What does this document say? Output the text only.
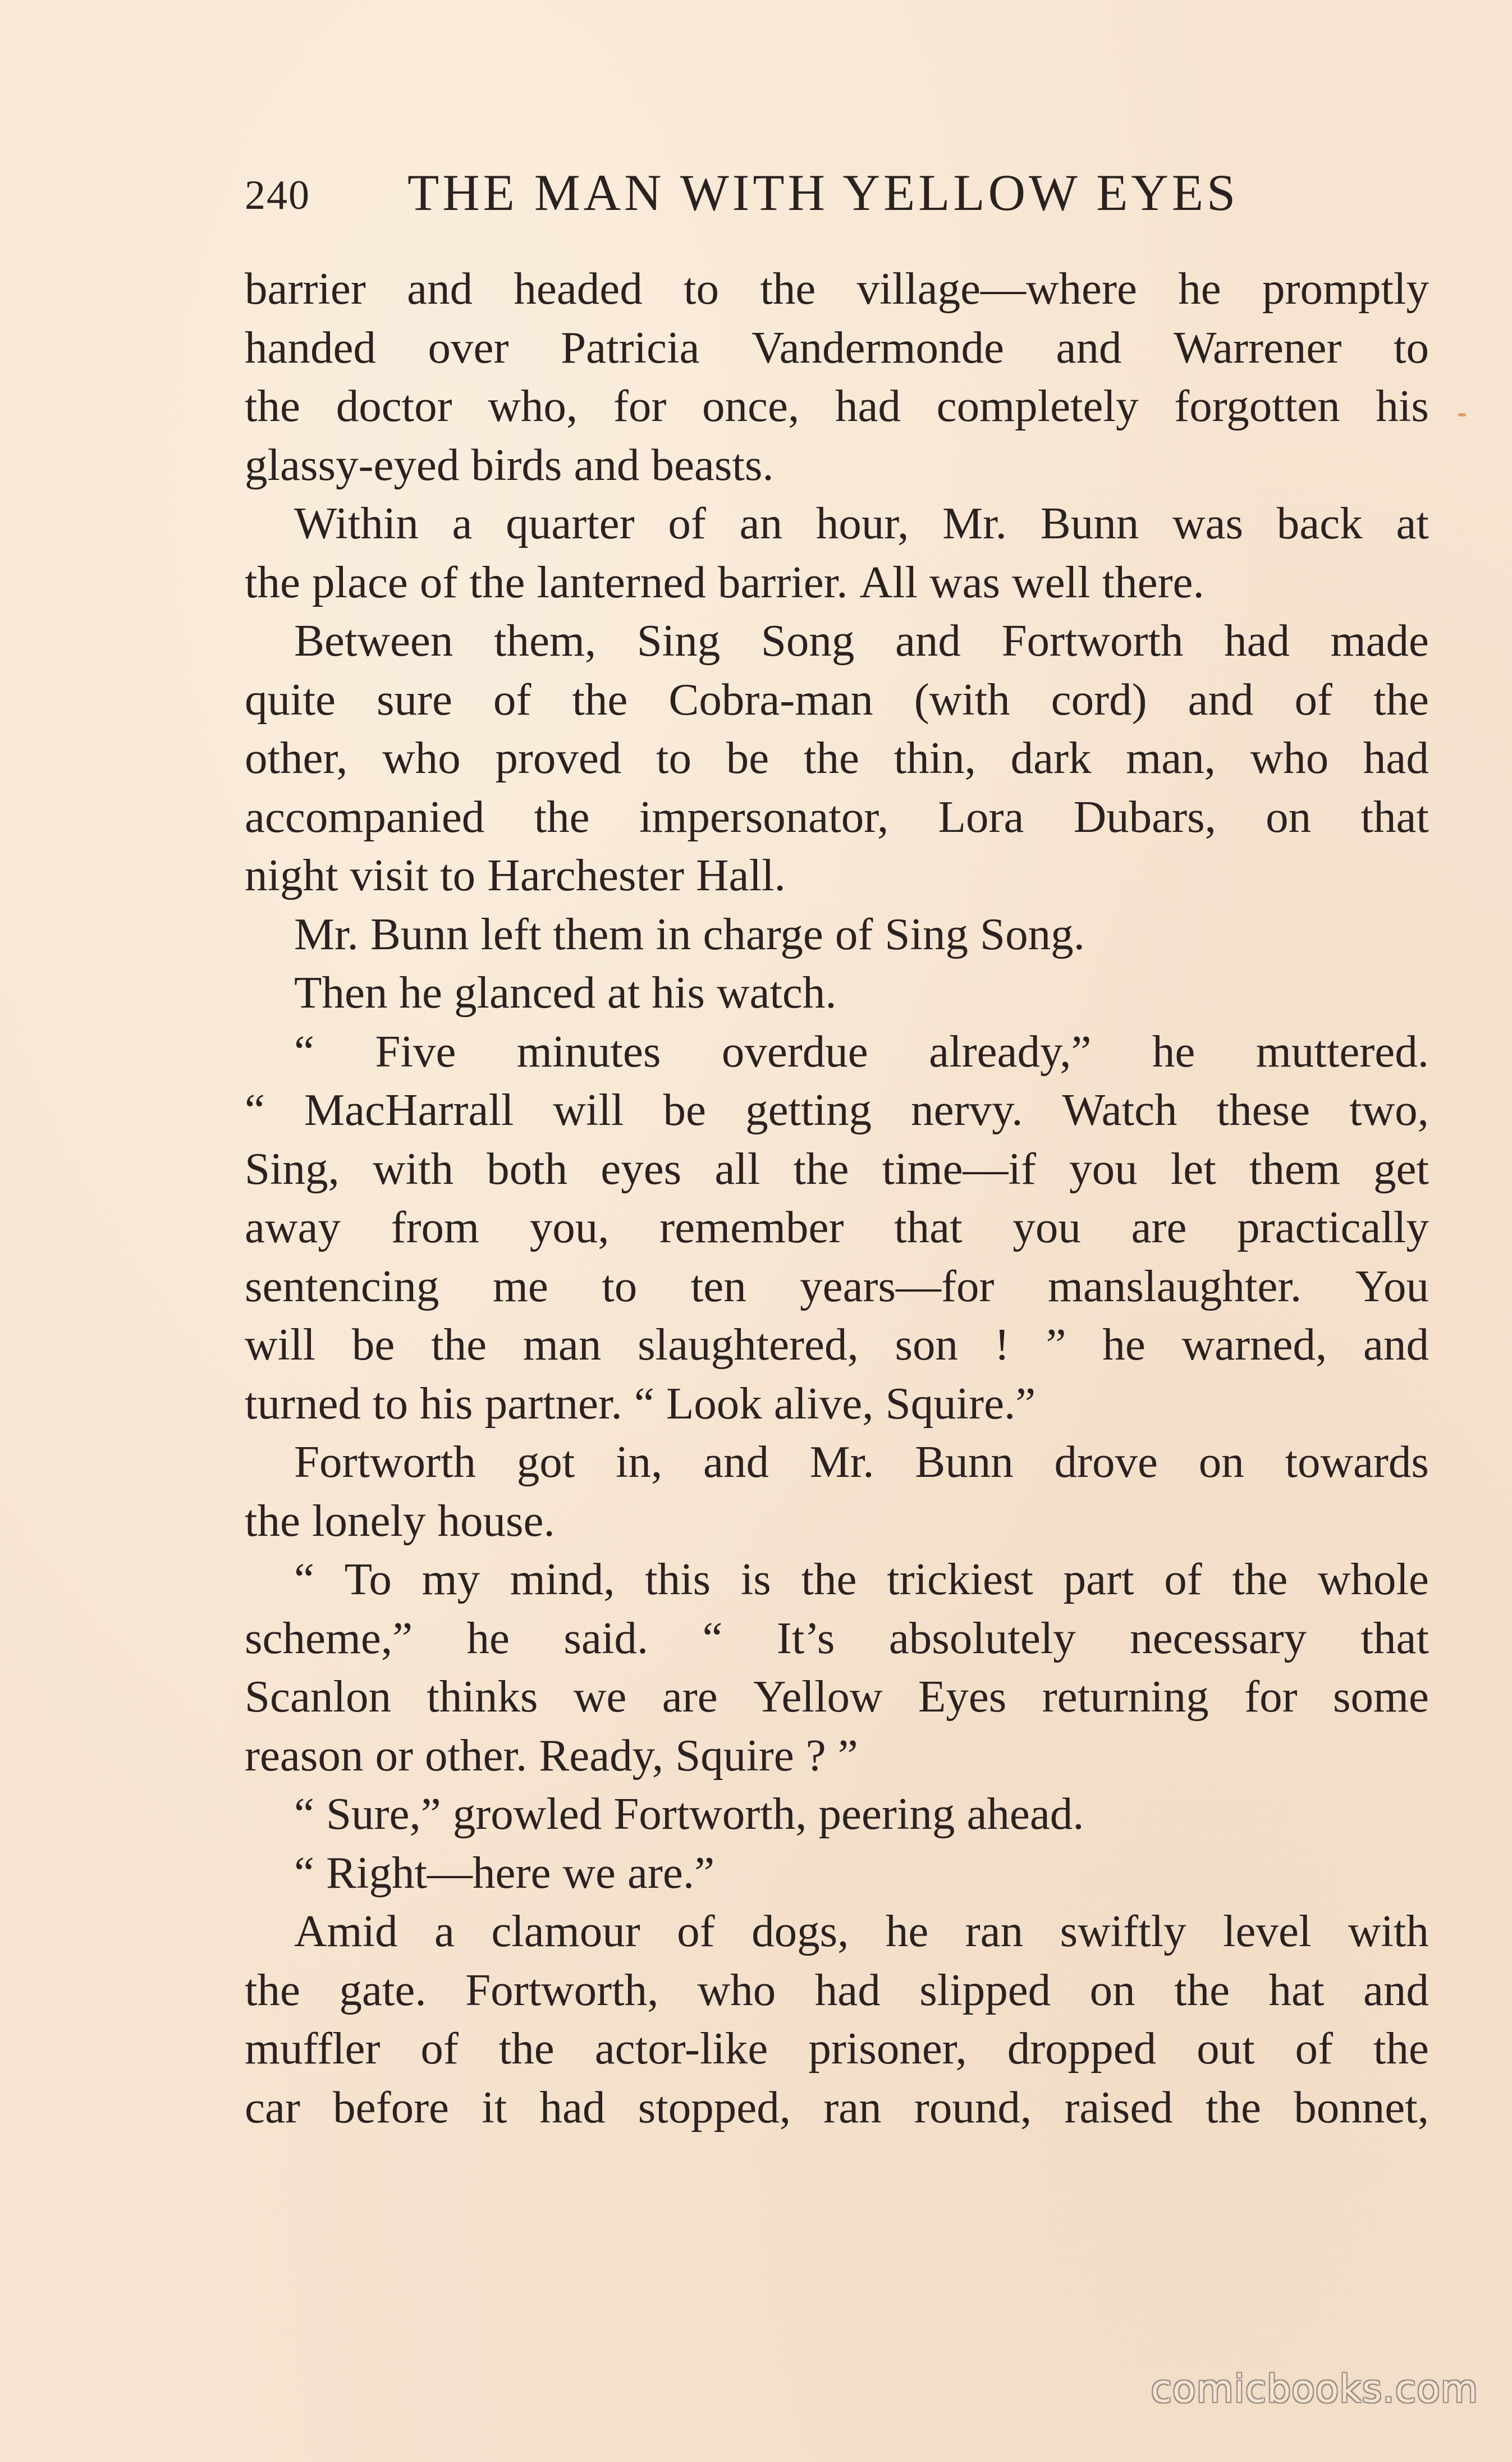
240 THE MAN WITH YELLOW EYES
barrier and headed to the village—where he promptly
handed over Patricia Vandermonde and Warrener to
the doctor who, for once, had completely forgotten his
glassy-eyed birds and beasts.
Within a quarter of an hour, Mr. Bunn was back at
the place of the lanterned barrier. All was well there.
Between them, Sing Song and Fortworth had made
quite sure of the Cobra-man (with cord) and of the
other, who proved to be the thin, dark man, who had
accompanied the impersonator, Lora Dubars, on that
night visit to Harchester Hall.
Mr. Bunn left them in charge of Sing Song.
Then he glanced at his watch.
“ Five minutes overdue already,” he muttered.
“ MacHarrall will be getting nervy. Watch these two,
Sing, with both eyes all the time—if you let them get
away from you, remember that you are practically
sentencing me to ten years—for manslaughter. You
will be the man slaughtered, son ! ” he warned, and
turned to his partner. “ Look alive, Squire.”
Fortworth got in, and Mr. Bunn drove on towards
the lonely house.
“ To my mind, this is the trickiest part of the whole
scheme,” he said. “ It’s absolutely necessary that
Scanlon thinks we are Yellow Eyes returning for some
reason or other. Ready, Squire ? ”
“ Sure,” growled Fortworth, peering ahead.
“ Right—here we are.”
Amid a clamour of dogs, he ran swiftly level with
the gate. Fortworth, who had slipped on the hat and
muffler of the actor-like prisoner, dropped out of the
car before it had stopped, ran round, raised the bonnet,
comicbooks.com
